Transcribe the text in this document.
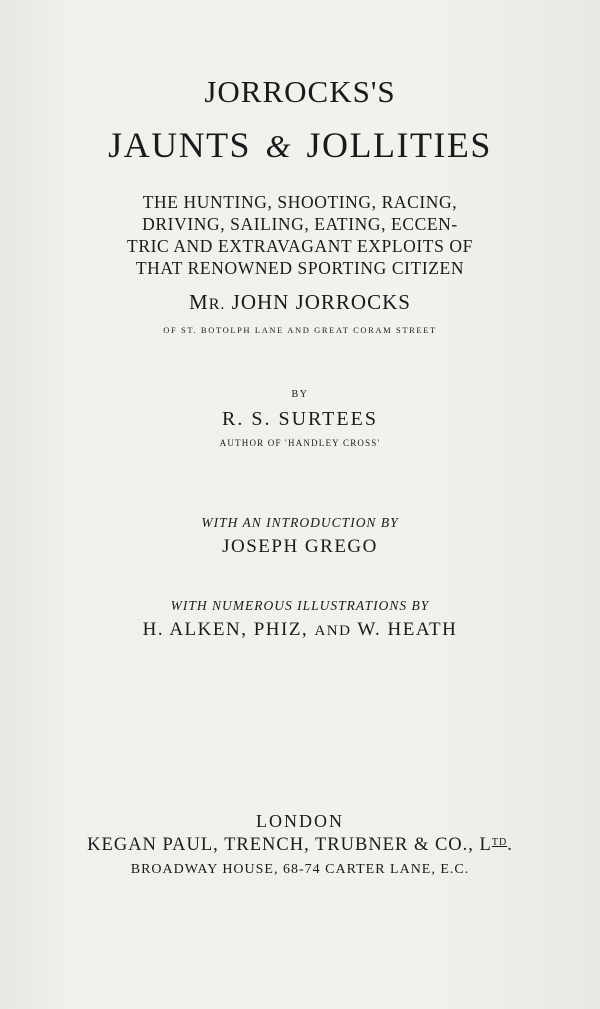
JORROCKS'S
JAUNTS & JOLLITIES
THE HUNTING, SHOOTING, RACING,
DRIVING, SAILING, EATING, ECCEN-
TRIC AND EXTRAVAGANT EXPLOITS OF
THAT RENOWNED SPORTING CITIZEN
MR. JOHN JORROCKS
OF ST. BOTOLPH LANE AND GREAT CORAM STREET
BY
R. S. SURTEES
AUTHOR OF 'HANDLEY CROSS'
WITH AN INTRODUCTION BY
JOSEPH GREGO
WITH NUMEROUS ILLUSTRATIONS BY
H. ALKEN, PHIZ, AND W. HEATH
LONDON
KEGAN PAUL, TRENCH, TRUBNER & CO., $L^{TD}$.
BROADWAY HOUSE, 68-74 CARTER LANE, E.C.
